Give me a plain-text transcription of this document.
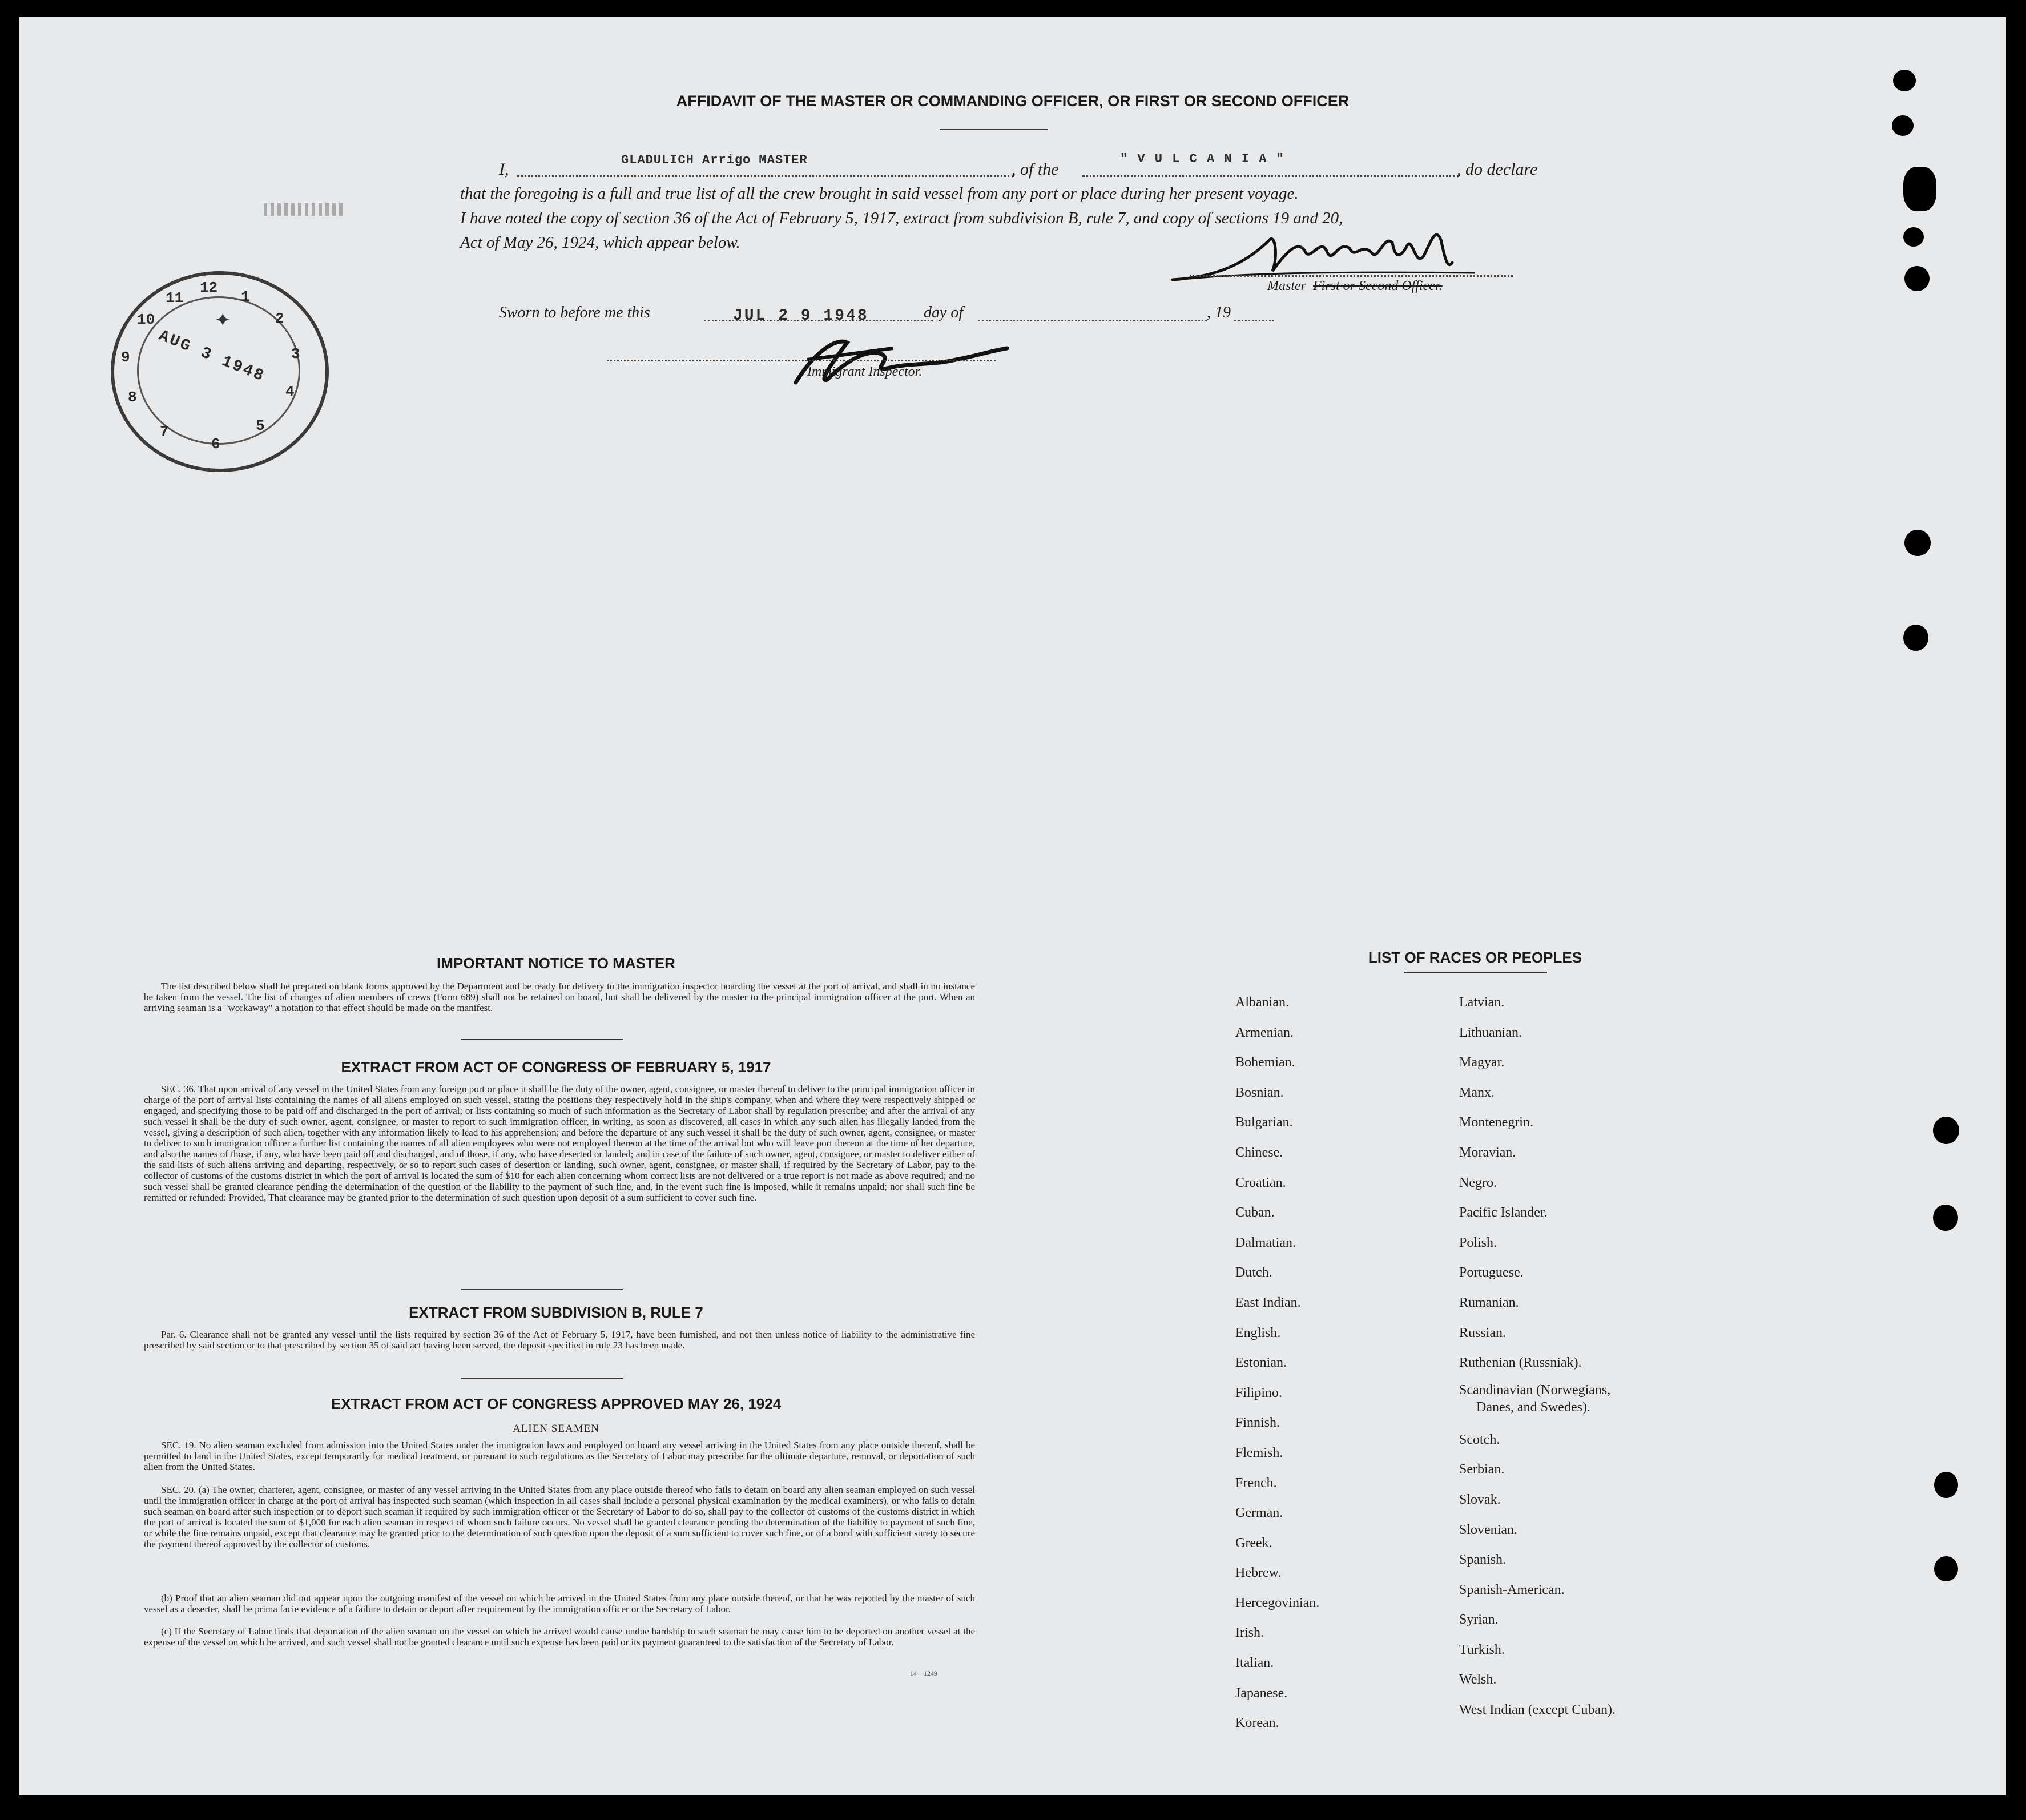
AFFIDAVIT OF THE MASTER OR COMMANDING OFFICER, OR FIRST OR SECOND OFFICER
I,	GLADULICH Arrigo MASTER	, of the
" V U L C A N I A "
, do declare
that the foregoing is a full and true list of all the crew brought in said vessel from any port or place during her present voyage.
I have noted the copy of section 36 of the Act of February 5, 1917, extract from subdivision B, rule 7, and copy of sections 19 and 20,
Act of May 26, 1924, which appear below.
Master First or Second Officer.
Sworn to before me this	JUL 2 9 1948	day of	, 19
Immigrant Inspector.
AUG 3 1948
✦
12
11
10
9
8
7
6
5
4
3
2
1
IMPORTANT NOTICE TO MASTER
The list described below shall be prepared on blank forms approved by the Department and be ready for delivery to the immigration inspector boarding the vessel at the port of arrival, and shall in no instance be taken from the vessel. The list of changes of alien members of crews (Form 689) shall not be retained on board, but shall be delivered by the master to the principal immigration officer at the port. When an arriving seaman is a "workaway" a notation to that effect should be made on the manifest.
EXTRACT FROM ACT OF CONGRESS OF FEBRUARY 5, 1917
SEC. 36. That upon arrival of any vessel in the United States from any foreign port or place it shall be the duty of the owner, agent, consignee, or master thereof to deliver to the principal immigration officer in charge of the port of arrival lists containing the names of all aliens employed on such vessel, stating the positions they respectively hold in the ship's company, when and where they were respectively shipped or engaged, and specifying those to be paid off and discharged in the port of arrival; or lists containing so much of such information as the Secretary of Labor shall by regulation prescribe; and after the arrival of any such vessel it shall be the duty of such owner, agent, consignee, or master to report to such immigration officer, in writing, as soon as discovered, all cases in which any such alien has illegally landed from the vessel, giving a description of such alien, together with any information likely to lead to his apprehension; and before the departure of any such vessel it shall be the duty of such owner, agent, consignee, or master to deliver to such immigration officer a further list containing the names of all alien employees who were not employed thereon at the time of the arrival but who will leave port thereon at the time of her departure, and also the names of those, if any, who have been paid off and discharged, and of those, if any, who have deserted or landed; and in case of the failure of such owner, agent, consignee, or master to deliver either of the said lists of such aliens arriving and departing, respectively, or so to report such cases of desertion or landing, such owner, agent, consignee, or master shall, if required by the Secretary of Labor, pay to the collector of customs of the customs district in which the port of arrival is located the sum of $10 for each alien concerning whom correct lists are not delivered or a true report is not made as above required; and no such vessel shall be granted clearance pending the determination of the question of the liability to the payment of such fine, and, in the event such fine is imposed, while it remains unpaid; nor shall such fine be remitted or refunded: Provided, That clearance may be granted prior to the determination of such question upon deposit of a sum sufficient to cover such fine.
EXTRACT FROM SUBDIVISION B, RULE 7
Par. 6. Clearance shall not be granted any vessel until the lists required by section 36 of the Act of February 5, 1917, have been furnished, and not then unless notice of liability to the administrative fine prescribed by said section or to that prescribed by section 35 of said act having been served, the deposit specified in rule 23 has been made.
EXTRACT FROM ACT OF CONGRESS APPROVED MAY 26, 1924
ALIEN SEAMEN
SEC. 19. No alien seaman excluded from admission into the United States under the immigration laws and employed on board any vessel arriving in the United States from any place outside thereof, shall be permitted to land in the United States, except temporarily for medical treatment, or pursuant to such regulations as the Secretary of Labor may prescribe for the ultimate departure, removal, or deportation of such alien from the United States.
SEC. 20. (a) The owner, charterer, agent, consignee, or master of any vessel arriving in the United States from any place outside thereof who fails to detain on board any alien seaman employed on such vessel until the immigration officer in charge at the port of arrival has inspected such seaman (which inspection in all cases shall include a personal physical examination by the medical examiners), or who fails to detain such seaman on board after such inspection or to deport such seaman if required by such immigration officer or the Secretary of Labor to do so, shall pay to the collector of customs of the customs district in which the port of arrival is located the sum of $1,000 for each alien seaman in respect of whom such failure occurs. No vessel shall be granted clearance pending the determination of the liability to payment of such fine, or while the fine remains unpaid, except that clearance may be granted prior to the determination of such question upon the deposit of a sum sufficient to cover such fine, or of a bond with sufficient surety to secure the payment thereof approved by the collector of customs.
(b) Proof that an alien seaman did not appear upon the outgoing manifest of the vessel on which he arrived in the United States from any place outside thereof, or that he was reported by the master of such vessel as a deserter, shall be prima facie evidence of a failure to detain or deport after requirement by the immigration officer or the Secretary of Labor.
(c) If the Secretary of Labor finds that deportation of the alien seaman on the vessel on which he arrived would cause undue hardship to such seaman he may cause him to be deported on another vessel at the expense of the vessel on which he arrived, and such vessel shall not be granted clearance until such expense has been paid or its payment guaranteed to the satisfaction of the Secretary of Labor.
14—1249
LIST OF RACES OR PEOPLES
Albanian.
Armenian.
Bohemian.
Bosnian.
Bulgarian.
Chinese.
Croatian.
Cuban.
Dalmatian.
Dutch.
East Indian.
English.
Estonian.
Filipino.
Finnish.
Flemish.
French.
German.
Greek.
Hebrew.
Hercegovinian.
Irish.
Italian.
Japanese.
Korean.
Latvian.
Lithuanian.
Magyar.
Manx.
Montenegrin.
Moravian.
Negro.
Pacific Islander.
Polish.
Portuguese.
Rumanian.
Russian.
Ruthenian (Russniak).
Scandinavian (Norwegians,
Danes, and Swedes).
Scotch.
Serbian.
Slovak.
Slovenian.
Spanish.
Spanish-American.
Syrian.
Turkish.
Welsh.
West Indian (except Cuban).
